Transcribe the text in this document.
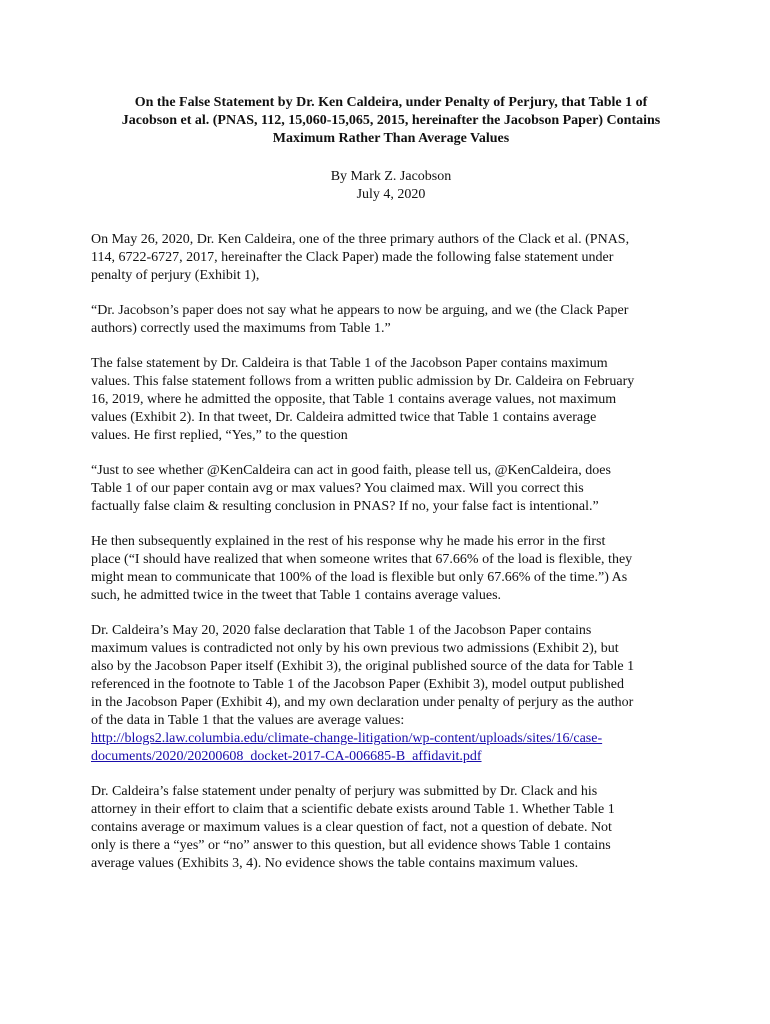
On the False Statement by Dr. Ken Caldeira, under Penalty of Perjury, that Table 1 of
Jacobson et al. (PNAS, 112, 15,060-15,065, 2015, hereinafter the Jacobson Paper) Contains
Maximum Rather Than Average Values
By Mark Z. Jacobson
July 4, 2020

On May 26, 2020, Dr. Ken Caldeira, one of the three primary authors of the Clack et al. (PNAS,
114, 6722-6727, 2017, hereinafter the Clack Paper) made the following false statement under
penalty of perjury (Exhibit 1),

“Dr. Jacobson’s paper does not say what he appears to now be arguing, and we (the Clack Paper
authors) correctly used the maximums from Table 1.”

The false statement by Dr. Caldeira is that Table 1 of the Jacobson Paper contains maximum
values. This false statement follows from a written public admission by Dr. Caldeira on February
16, 2019, where he admitted the opposite, that Table 1 contains average values, not maximum
values (Exhibit 2). In that tweet, Dr. Caldeira admitted twice that Table 1 contains average
values. He first replied, “Yes,” to the question

“Just to see whether @KenCaldeira can act in good faith, please tell us, @KenCaldeira, does
Table 1 of our paper contain avg or max values? You claimed max. Will you correct this
factually false claim & resulting conclusion in PNAS? If no, your false fact is intentional.”

He then subsequently explained in the rest of his response why he made his error in the first
place (“I should have realized that when someone writes that 67.66% of the load is flexible, they
might mean to communicate that 100% of the load is flexible but only 67.66% of the time.”) As
such, he admitted twice in the tweet that Table 1 contains average values.

Dr. Caldeira’s May 20, 2020 false declaration that Table 1 of the Jacobson Paper contains
maximum values is contradicted not only by his own previous two admissions (Exhibit 2), but
also by the Jacobson Paper itself (Exhibit 3), the original published source of the data for Table 1
referenced in the footnote to Table 1 of the Jacobson Paper (Exhibit 3), model output published
in the Jacobson Paper (Exhibit 4), and my own declaration under penalty of perjury as the author
of the data in Table 1 that the values are average values:

http://blogs2.law.columbia.edu/climate-change-litigation/wp-content/uploads/sites/16/case-
documents/2020/20200608_docket-2017-CA-006685-B_affidavit.pdf

Dr. Caldeira’s false statement under penalty of perjury was submitted by Dr. Clack and his
attorney in their effort to claim that a scientific debate exists around Table 1. Whether Table 1
contains average or maximum values is a clear question of fact, not a question of debate. Not
only is there a “yes” or “no” answer to this question, but all evidence shows Table 1 contains
average values (Exhibits 3, 4). No evidence shows the table contains maximum values.
